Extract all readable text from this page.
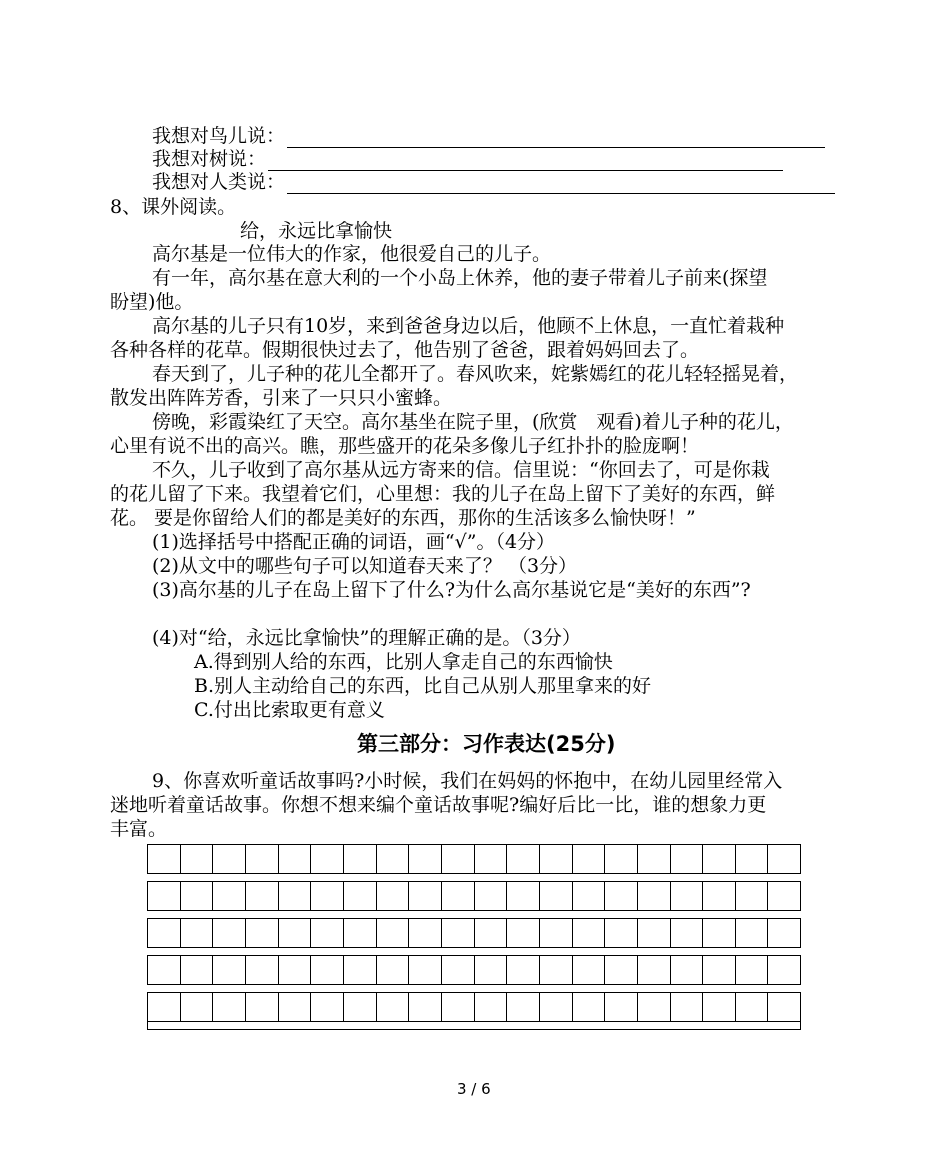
我想对鸟儿说：
我想对树说：
我想对人类说：
8、课外阅读。
给，永远比拿愉快
高尔基是一位伟大的作家，他很爱自己的儿子。
有一年，高尔基在意大利的一个小岛上休养，他的妻子带着儿子前来(探望
盼望)他。
高尔基的儿子只有10岁，来到爸爸身边以后，他顾不上休息，一直忙着栽种
各种各样的花草。假期很快过去了，他告别了爸爸，跟着妈妈回去了。
春天到了，儿子种的花儿全都开了。春风吹来，姹紫嫣红的花儿轻轻摇晃着，
散发出阵阵芳香，引来了一只只小蜜蜂。
傍晚，彩霞染红了天空。高尔基坐在院子里，(欣赏　观看)着儿子种的花儿，
心里有说不出的高兴。瞧，那些盛开的花朵多像儿子红扑扑的脸庞啊！
不久，儿子收到了高尔基从远方寄来的信。信里说：“你回去了，可是你栽
的花儿留了下来。我望着它们，心里想：我的儿子在岛上留下了美好的东西，鲜
花。 要是你留给人们的都是美好的东西，那你的生活该多么愉快呀！”
(1)选择括号中搭配正确的词语，画“√”。（4分）
(2)从文中的哪些句子可以知道春天来了？ （3分）
(3)高尔基的儿子在岛上留下了什么?为什么高尔基说它是“美好的东西”?
(4)对“给，永远比拿愉快”的理解正确的是。（3分）
A.得到别人给的东西，比别人拿走自己的东西愉快
B.别人主动给自己的东西，比自己从别人那里拿来的好
C.付出比索取更有意义
第三部分：习作表达(25分)
9、你喜欢听童话故事吗?小时候，我们在妈妈的怀抱中，在幼儿园里经常入
迷地听着童话故事。你想不想来编个童话故事呢?编好后比一比，谁的想象力更
丰富。
3 / 6
